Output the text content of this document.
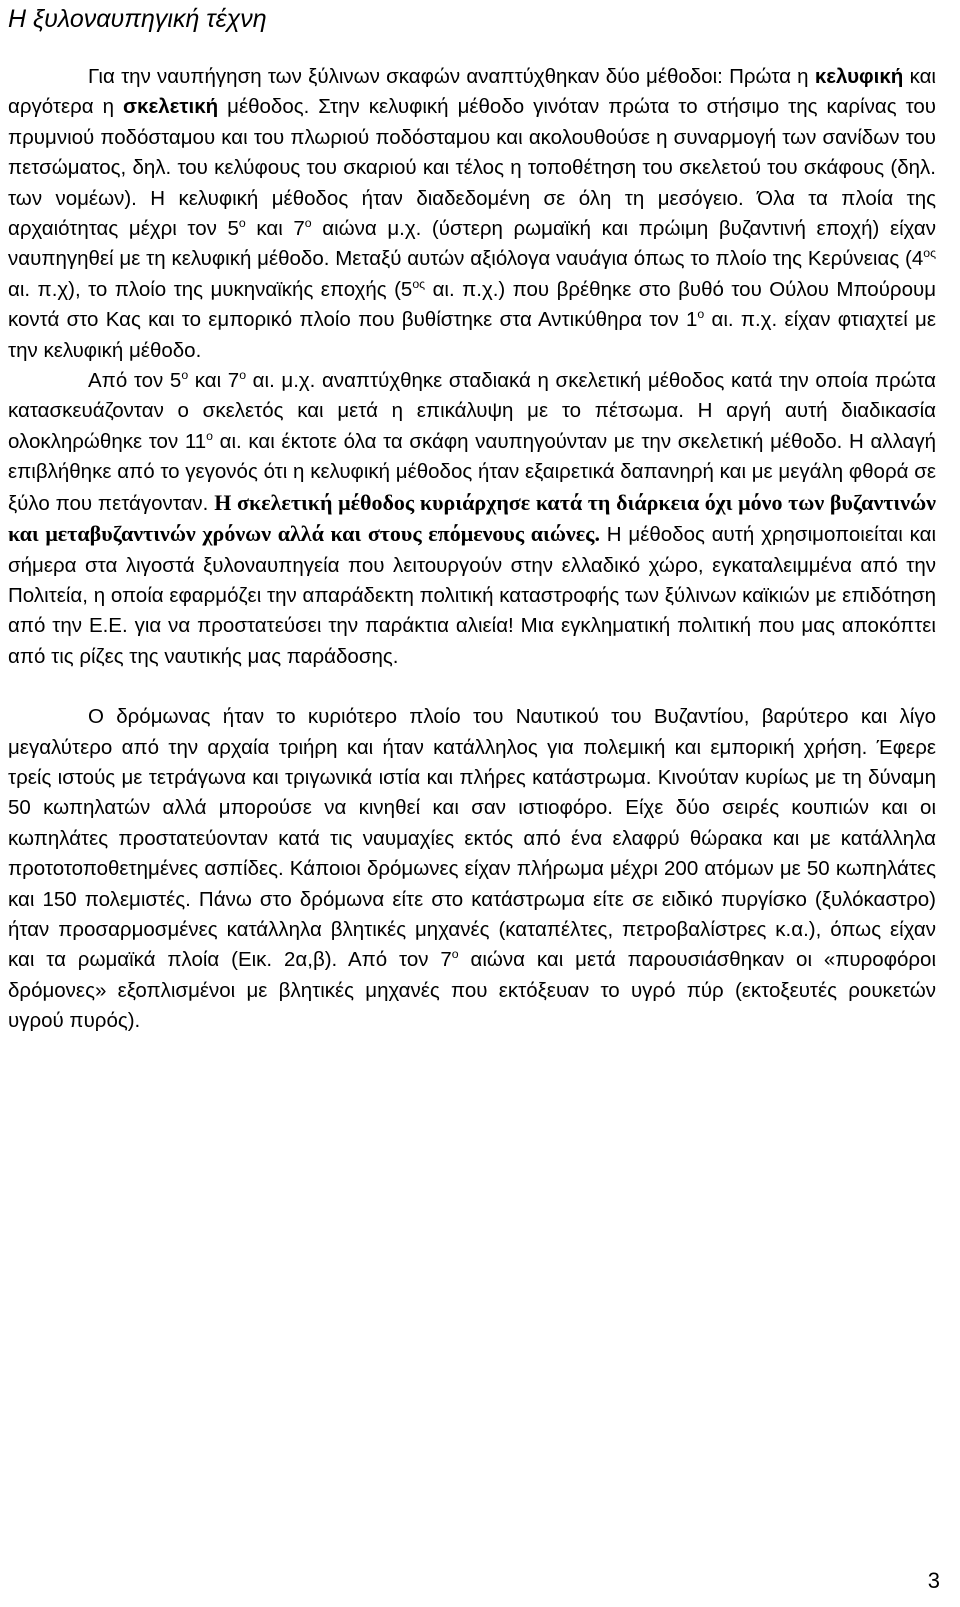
Η ξυλοναυπηγική τέχνη

Για την ναυπήγηση των ξύλινων σκαφών αναπτύχθηκαν δύο μέθοδοι: Πρώτα η κελυφική και αργότερα η σκελετική μέθοδος. Στην κελυφική μέθοδο γινόταν πρώτα το στήσιμο της καρίνας του πρυμνιού ποδόσταμου και του πλωριού ποδόσταμου και ακολουθούσε η συναρμογή των σανίδων του πετσώματος, δηλ. του κελύφους του σκαριού και τέλος η τοποθέτηση του σκελετού του σκάφους (δηλ. των νομέων). Η κελυφική μέθοδος ήταν διαδεδομένη σε όλη τη μεσόγειο. Όλα τα πλοία της αρχαιότητας μέχρι τον $5^o$ και $7^o$ αιώνα μ.χ. (ύστερη ρωμαϊκή και πρώιμη βυζαντινή εποχή) είχαν ναυπηγηθεί με τη κελυφική μέθοδο. Μεταξύ αυτών αξιόλογα ναυάγια όπως το πλοίο της Κερύνειας ($4^{o\varsigma}$ αι. π.χ), το πλοίο της μυκηναϊκής εποχής ($5^{o\varsigma}$ αι. π.χ.) που βρέθηκε στο βυθό του Ούλου Μπούρουμ κοντά στο Κας και το εμπορικό πλοίο που βυθίστηκε στα Αντικύθηρα τον $1^o$ αι. π.χ. είχαν φτιαχτεί με την κελυφική μέθοδο.

Από τον $5^o$ και $7^o$ αι. μ.χ. αναπτύχθηκε σταδιακά η σκελετική μέθοδος κατά την οποία πρώτα κατασκευάζονταν ο σκελετός και μετά η επικάλυψη με το πέτσωμα. Η αργή αυτή διαδικασία ολοκληρώθηκε τον $11^o$ αι. και έκτοτε όλα τα σκάφη ναυπηγούνταν με την σκελετική μέθοδο. Η αλλαγή επιβλήθηκε από το γεγονός ότι η κελυφική μέθοδος ήταν εξαιρετικά δαπανηρή και με μεγάλη φθορά σε ξύλο που πετάγονταν. Η σκελετική μέθοδος κυριάρχησε κατά τη διάρκεια όχι μόνο των βυζαντινών και μεταβυζαντινών χρόνων αλλά και στους επόμενους αιώνες. Η μέθοδος αυτή χρησιμοποιείται και σήμερα στα λιγοστά ξυλοναυπηγεία που λειτουργούν στην ελλαδικό χώρο, εγκαταλειμμένα από την Πολιτεία, η οποία εφαρμόζει την απαράδεκτη πολιτική καταστροφής των ξύλινων καϊκιών με επιδότηση από την Ε.Ε. για να προστατεύσει την παράκτια αλιεία! Μια εγκληματική πολιτική που μας αποκόπτει από τις ρίζες της ναυτικής μας παράδοσης.

Ο δρόμωνας ήταν το κυριότερο πλοίο του Ναυτικού του Βυζαντίου, βαρύτερο και λίγο μεγαλύτερο από την αρχαία τριήρη και ήταν κατάλληλος για πολεμική και εμπορική χρήση. Έφερε τρείς ιστούς με τετράγωνα και τριγωνικά ιστία και πλήρες κατάστρωμα. Κινούταν κυρίως με τη δύναμη 50 κωπηλατών αλλά μπορούσε να κινηθεί και σαν ιστιοφόρο. Είχε δύο σειρές κουπιών και οι κωπηλάτες προστατεύονταν κατά τις ναυμαχίες εκτός από ένα ελαφρύ θώρακα και με κατάλληλα προτοτοποθετημένες ασπίδες. Κάποιοι δρόμωνες είχαν πλήρωμα μέχρι 200 ατόμων με 50 κωπηλάτες και 150 πολεμιστές. Πάνω στο δρόμωνα είτε στο κατάστρωμα είτε σε ειδικό πυργίσκο (ξυλόκαστρο) ήταν προσαρμοσμένες κατάλληλα βλητικές μηχανές (καταπέλτες, πετροβαλίστρες κ.α.), όπως είχαν και τα ρωμαϊκά πλοία (Εικ. 2α,β). Από τον $7^o$ αιώνα και μετά παρουσιάσθηκαν οι «πυροφόροι δρόμονες» εξοπλισμένοι με βλητικές μηχανές που εκτόξευαν το υγρό πύρ (εκτοξευτές ρουκετών υγρού πυρός).

3
